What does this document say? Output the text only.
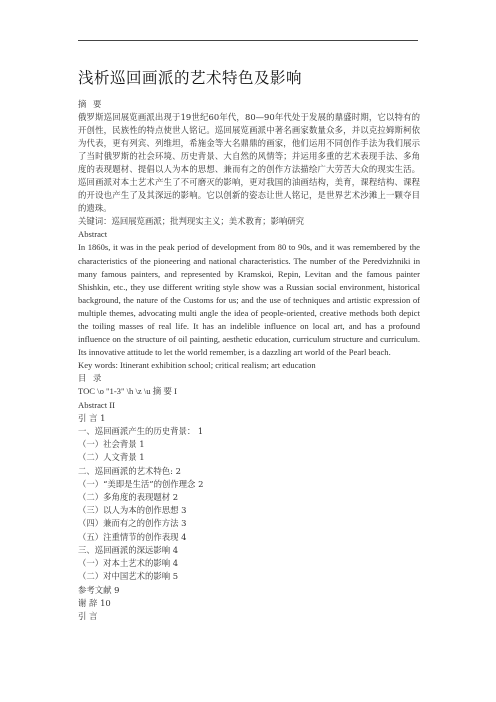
浅析巡回画派的艺术特色及影响
摘 要

俄罗斯巡回展览画派出现于19世纪60年代，80—90年代处于发展的鼎盛时期，它以特有的开创性，民族性的特点使世人铭记。巡回展览画派中著名画家数量众多，并以克拉姆斯柯依为代表，更有列宾、列维坦，希施金等大名鼎鼎的画家，他们运用不同创作手法为我们展示了当时俄罗斯的社会环境、历史背景、大自然的风情等；并运用多重的艺术表现手法、多角度的表现题材、提倡以人为本的思想、兼而有之的创作方法描绘广大劳苦大众的现实生活。巡回画派对本土艺术产生了不可磨灭的影响，更对我国的油画结构，美育，课程结构、课程的开设也产生了及其深远的影响。它以创新的姿态让世人铭记，是世界艺术沙滩上一颗夺目的遗珠。

关键词：巡回展览画派；批判现实主义；美术教育；影响研究
Abstract

In 1860s, it was in the peak period of development from 80 to 90s, and it was remembered by the characteristics of the pioneering and national characteristics. The number of the Peredvizhniki in many famous painters, and represented by Kramskoi, Repin, Levitan and the famous painter Shishkin, etc., they use different writing style show was a Russian social environment, historical background, the nature of the Customs for us; and the use of techniques and artistic expression of multiple themes, advocating multi angle the idea of people-oriented, creative methods both depict the toiling masses of real life. It has an indelible influence on local art, and has a profound influence on the structure of oil painting, aesthetic education, curriculum structure and curriculum. Its innovative attitude to let the world remember, is a dazzling art world of the Pearl beach.

Key words: Itinerant exhibition school; critical realism; art education
目 录
TOC \o "1-3" \h \z \u 摘 要 I
Abstract II
引 言 1
一、巡回画派产生的历史背景： 1
（一）社会背景 1
（二）人文背景 1
二、巡回画派的艺术特色: 2
（一）“美即是生活”的创作理念 2
（二）多角度的表现题材 2
（三）以人为本的创作思想 3
（四）兼而有之的创作方法 3
（五）注重情节的创作表现 4
三、巡回画派的深远影响 4
（一）对本土艺术的影响 4
（二）对中国艺术的影响 5
参考文献 9
谢 辞 10
引 言
